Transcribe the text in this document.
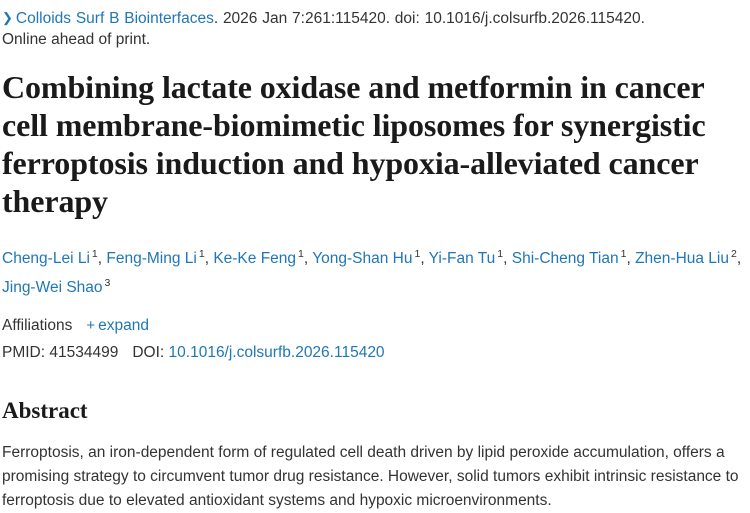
❯ Colloids Surf B Biointerfaces. 2026 Jan 7:261:115420. doi: 10.1016/j.colsurfb.2026.115420.
Online ahead of print.
Combining lactate oxidase and metformin in cancer cell membrane-biomimetic liposomes for synergistic ferroptosis induction and hypoxia-alleviated cancer therapy
Cheng-Lei Li $^1$, Feng-Ming Li $^1$, Ke-Ke Feng $^1$, Yong-Shan Hu $^1$, Yi-Fan Tu $^1$, Shi-Cheng Tian $^1$, Zhen-Hua Liu $^2$, Jing-Wei Shao $^3$
Affiliations + expand
PMID: 41534499 DOI: 10.1016/j.colsurfb.2026.115420
Abstract
Ferroptosis, an iron-dependent form of regulated cell death driven by lipid peroxide accumulation, offers a promising strategy to circumvent tumor drug resistance. However, solid tumors exhibit intrinsic resistance to ferroptosis due to elevated antioxidant systems and hypoxic microenvironments.
